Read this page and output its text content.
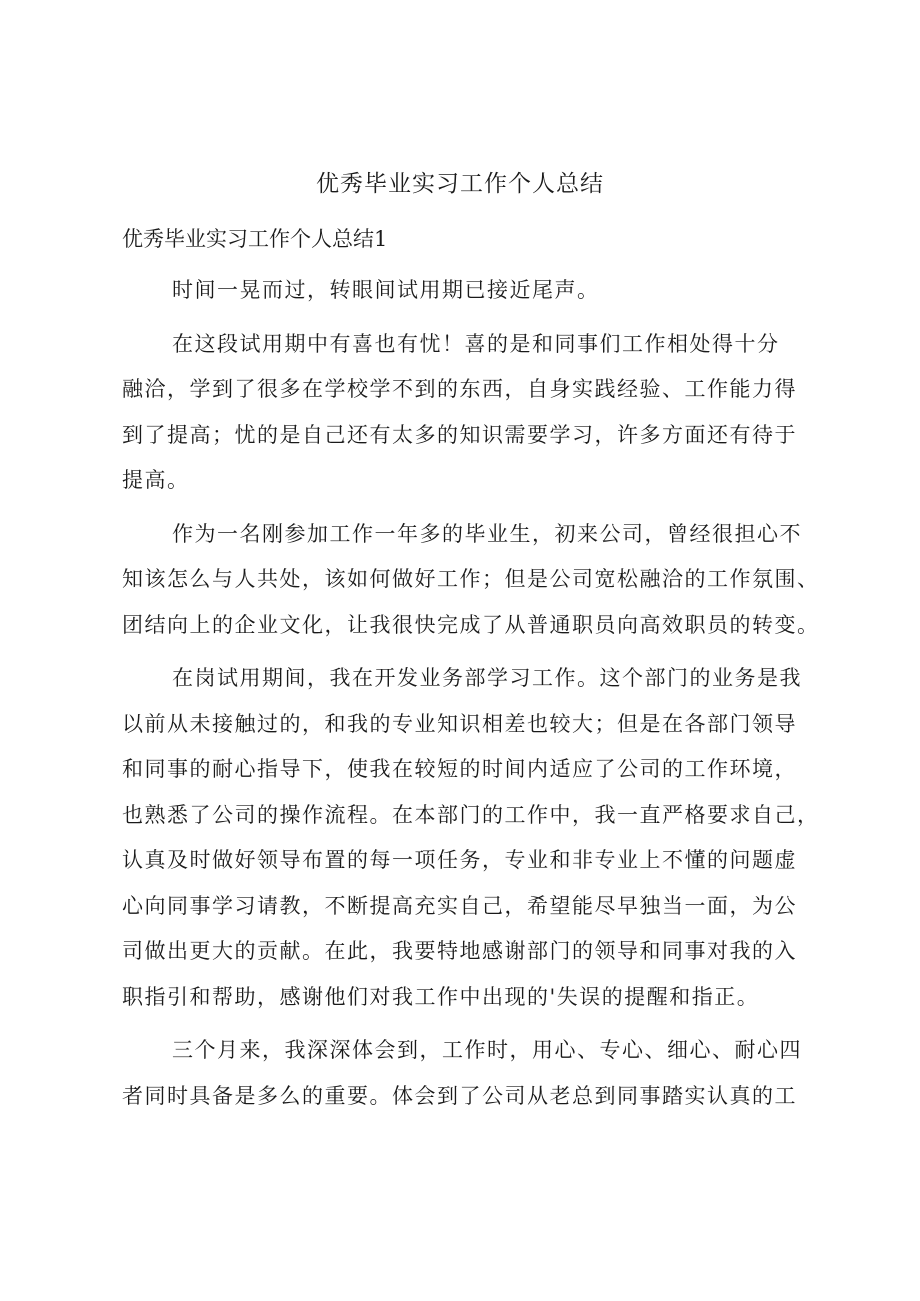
优秀毕业实习工作个人总结
优秀毕业实习工作个人总结1

时间一晃而过，转眼间试用期已接近尾声。

在这段试用期中有喜也有忧！喜的是和同事们工作相处得十分
融洽，学到了很多在学校学不到的东西，自身实践经验、工作能力得
到了提高；忧的是自己还有太多的知识需要学习，许多方面还有待于
提高。

作为一名刚参加工作一年多的毕业生，初来公司，曾经很担心不
知该怎么与人共处，该如何做好工作；但是公司宽松融洽的工作氛围、
团结向上的企业文化，让我很快完成了从普通职员向高效职员的转变。

在岗试用期间，我在开发业务部学习工作。这个部门的业务是我
以前从未接触过的，和我的专业知识相差也较大；但是在各部门领导
和同事的耐心指导下，使我在较短的时间内适应了公司的工作环境，
也熟悉了公司的操作流程。在本部门的工作中，我一直严格要求自己，
认真及时做好领导布置的每一项任务，专业和非专业上不懂的问题虚
心向同事学习请教，不断提高充实自己，希望能尽早独当一面，为公
司做出更大的贡献。在此，我要特地感谢部门的领导和同事对我的入
职指引和帮助，感谢他们对我工作中出现的'失误的提醒和指正。

三个月来，我深深体会到，工作时，用心、专心、细心、耐心四
者同时具备是多么的重要。体会到了公司从老总到同事踏实认真的工
